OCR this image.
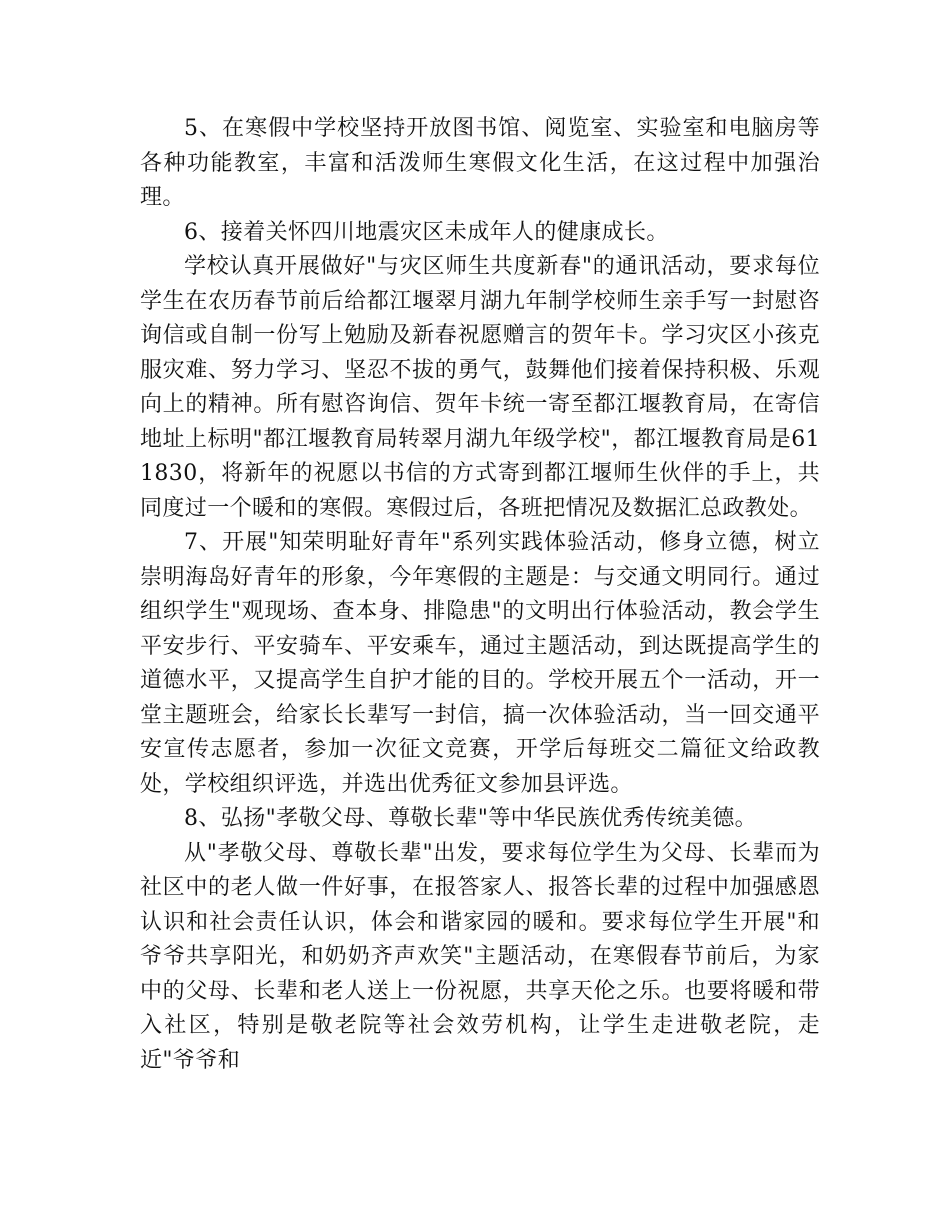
5、在寒假中学校坚持开放图书馆、阅览室、实验室和电脑房等各种功能教室，丰富和活泼师生寒假文化生活，在这过程中加强治理。

6、接着关怀四川地震灾区未成年人的健康成长。

学校认真开展做好"与灾区师生共度新春"的通讯活动，要求每位学生在农历春节前后给都江堰翠月湖九年制学校师生亲手写一封慰咨询信或自制一份写上勉励及新春祝愿赠言的贺年卡。学习灾区小孩克服灾难、努力学习、坚忍不拔的勇气，鼓舞他们接着保持积极、乐观向上的精神。所有慰咨询信、贺年卡统一寄至都江堰教育局，在寄信地址上标明"都江堰教育局转翠月湖九年级学校"，都江堰教育局是611830，将新年的祝愿以书信的方式寄到都江堰师生伙伴的手上，共同度过一个暖和的寒假。寒假过后，各班把情况及数据汇总政教处。

7、开展"知荣明耻好青年"系列实践体验活动，修身立德，树立崇明海岛好青年的形象，今年寒假的主题是：与交通文明同行。通过组织学生"观现场、查本身、排隐患"的文明出行体验活动，教会学生平安步行、平安骑车、平安乘车，通过主题活动，到达既提高学生的道德水平，又提高学生自护才能的目的。学校开展五个一活动，开一堂主题班会，给家长长辈写一封信，搞一次体验活动，当一回交通平安宣传志愿者，参加一次征文竞赛，开学后每班交二篇征文给政教处，学校组织评选，并选出优秀征文参加县评选。

8、弘扬"孝敬父母、尊敬长辈"等中华民族优秀传统美德。

从"孝敬父母、尊敬长辈"出发，要求每位学生为父母、长辈而为社区中的老人做一件好事，在报答家人、报答长辈的过程中加强感恩认识和社会责任认识，体会和谐家园的暖和。要求每位学生开展"和爷爷共享阳光，和奶奶齐声欢笑"主题活动，在寒假春节前后，为家中的父母、长辈和老人送上一份祝愿，共享天伦之乐。也要将暖和带入社区，特别是敬老院等社会效劳机构，让学生走进敬老院，走近"爷爷和
